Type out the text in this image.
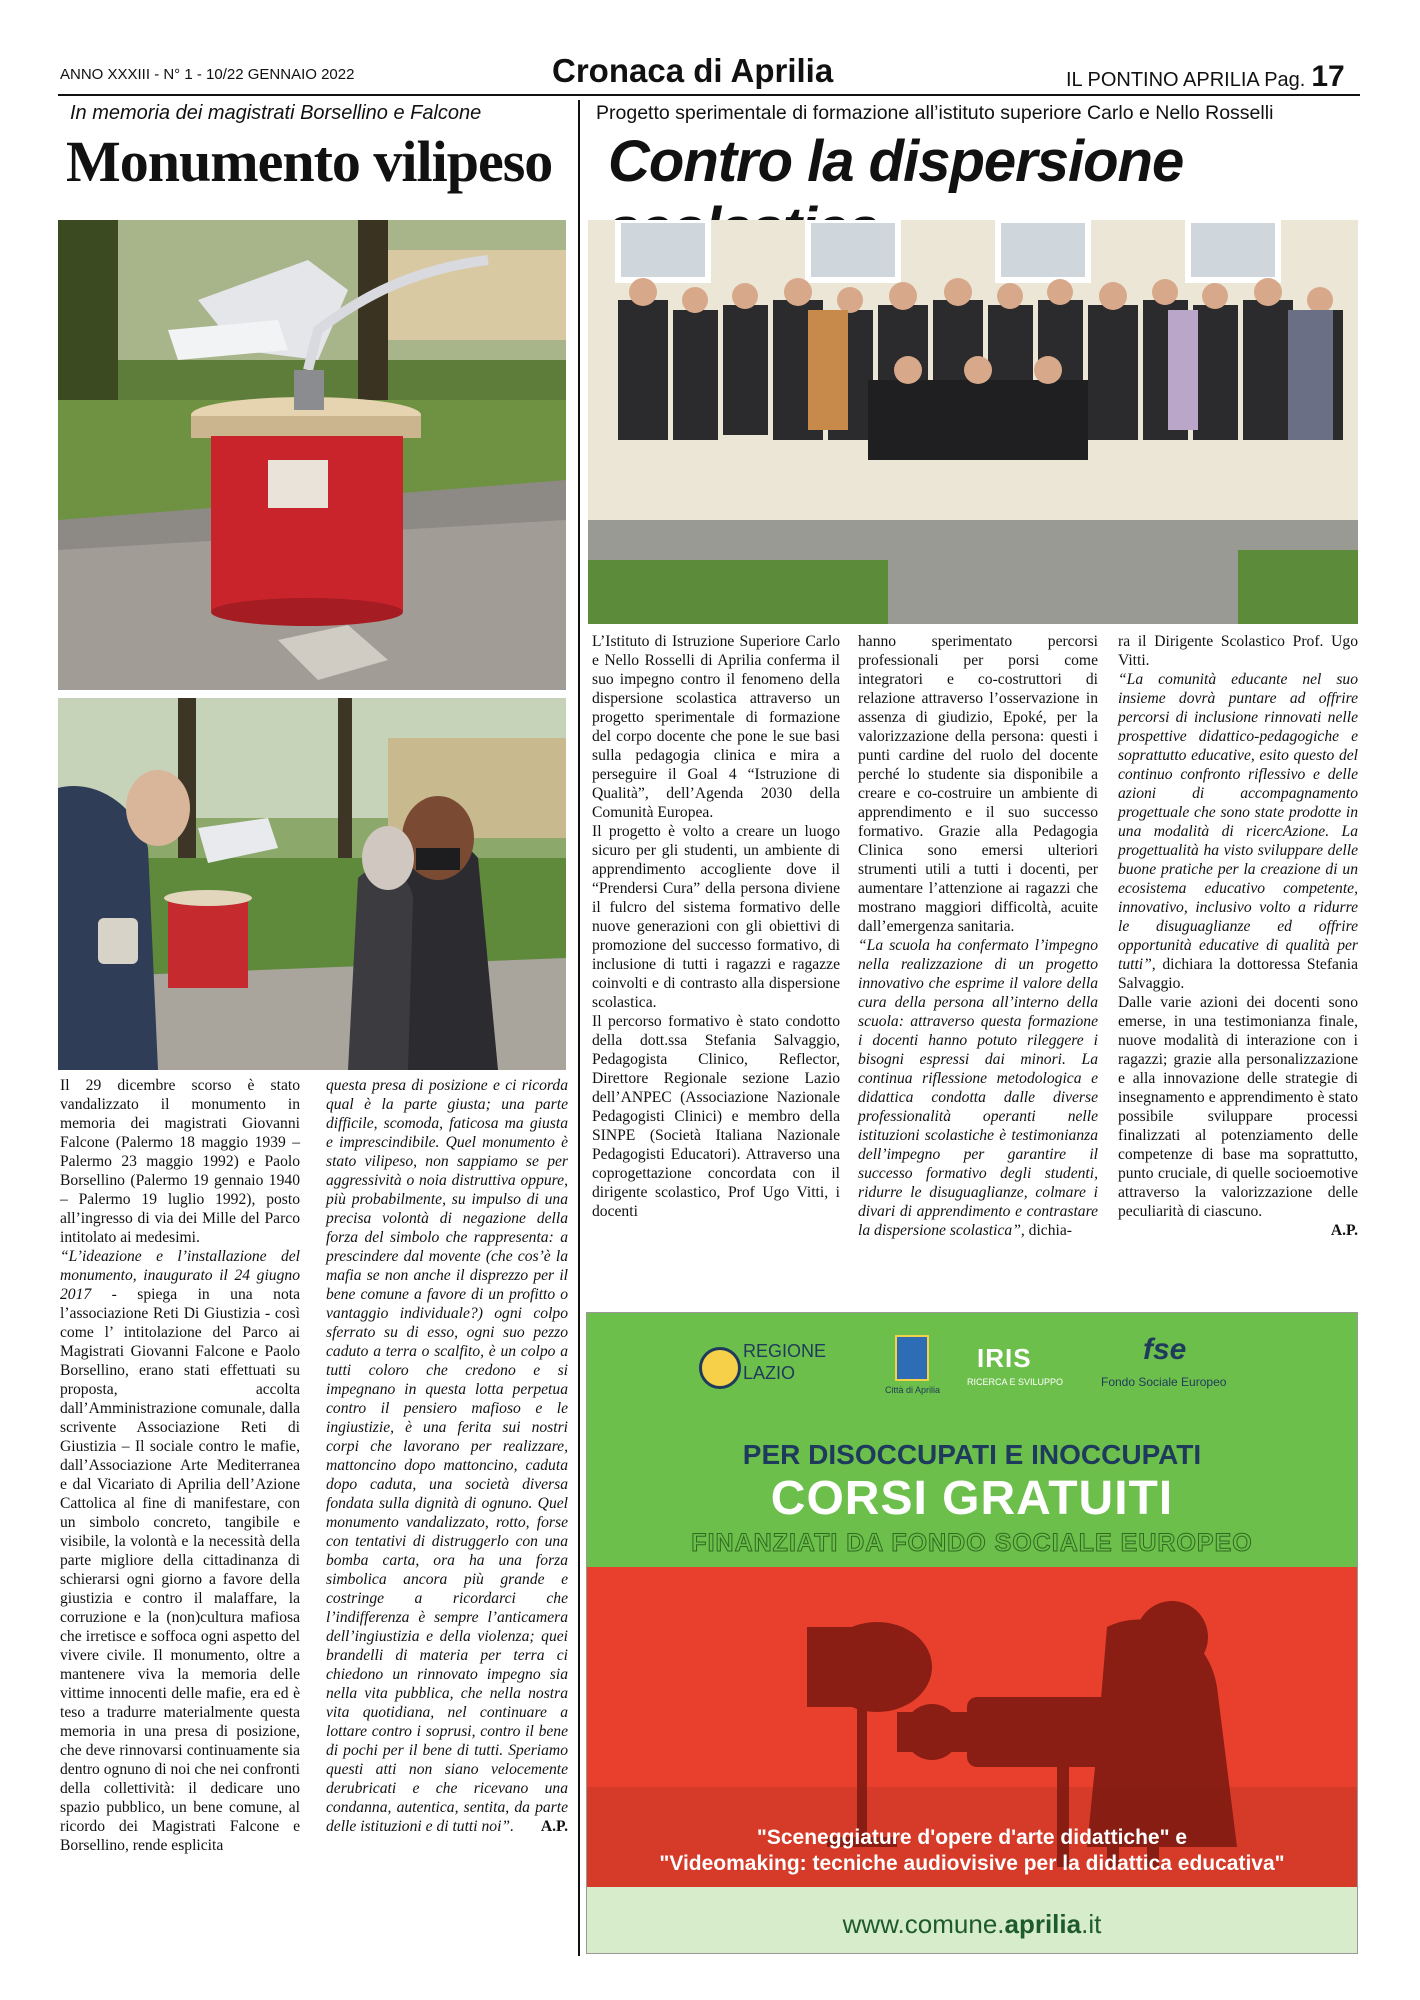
ANNO XXXIII - N° 1 - 10/22 GENNAIO 2022	Cronaca di Aprilia	IL PONTINO APRILIA Pag. 17
In memoria dei magistrati Borsellino e Falcone	Progetto sperimentale di formazione all’istituto superiore Carlo e Nello Rosselli
Monumento vilipeso Contro la dispersione

Il 29 dicembre scorso è stato vandalizzato il monumento in memoria dei magistrati Giovanni Falcone (Palermo 18 maggio 1939 – Palermo 23 maggio 1992) e Paolo Borsellino (Palermo 19 gennaio 1940 – Palermo 19 luglio 1992), posto all’ingresso di via dei Mille del Parco intitolato ai medesimi.

“L’ideazione e l’installazione del monumento, inaugurato il 24 giugno 2017 - spiega in una nota l’associazione Reti Di Giustizia - così come l’ intitolazione del Parco ai Magistrati Giovanni Falcone e Paolo Borsellino, erano stati effettuati su proposta, accolta dall’Amministrazione comunale, dalla scrivente Associazione Reti di Giustizia – Il sociale contro le mafie, dall’Associazione Arte Mediterranea e dal Vicariato di Aprilia dell’Azione Cattolica al fine di manifestare, con un simbolo concreto, tangibile e visibile, la volontà e la necessità della parte migliore della cittadinanza di schierarsi ogni giorno a favore della giustizia e contro il malaffare, la corruzione e la (non)cultura mafiosa che irretisce e soffoca ogni aspetto del vivere civile. Il monumento, oltre a mantenere viva la memoria delle vittime innocenti delle mafie, era ed è teso a tradurre materialmente questa memoria in una presa di posizione, che deve rinnovarsi continuamente sia dentro ognuno di noi che nei confronti della collettività: il dedicare uno spazio pubblico, un bene comune, al ricordo dei Magistrati Falcone e Borsellino, rende esplicita

questa presa di posizione e ci ricorda qual è la parte giusta; una parte difficile, scomoda, faticosa ma giusta e imprescindibile. Quel monumento è stato vilipeso, non sappiamo se per aggressività o noia distruttiva oppure, più probabilmente, su impulso di una precisa volontà di negazione della forza del simbolo che rappresenta: a prescindere dal movente (che cos’è la mafia se non anche il disprezzo per il bene comune a favore di un profitto o vantaggio individuale?) ogni colpo sferrato su di esso, ogni suo pezzo caduto a terra o scalfito, è un colpo a tutti coloro che credono e si impegnano in questa lotta perpetua contro il pensiero mafioso e le ingiustizie, è una ferita sui nostri corpi che lavorano per realizzare, mattoncino dopo mattoncino, caduta dopo caduta, una società diversa fondata sulla dignità di ognuno. Quel monumento vandalizzato, rotto, forse con tentativi di distruggerlo con una bomba carta, ora ha una forza simbolica ancora più grande e costringe a ricordarci che l’indifferenza è sempre l’anticamera dell’ingiustizia e della violenza; quei brandelli di materia per terra ci chiedono un rinnovato impegno sia nella vita pubblica, che nella nostra vita quotidiana, nel continuare a lottare contro i soprusi, contro il bene di pochi per il bene di tutti. Speriamo questi atti non siano velocemente derubricati e che ricevano una condanna, autentica, sentita, da parte delle istituzioni e di tutti noi”.	A.P.

L’Istituto di Istruzione Superiore Carlo e Nello Rosselli di Aprilia conferma il suo impegno contro il fenomeno della dispersione scolastica attraverso un progetto sperimentale di formazione del corpo docente che pone le sue basi sulla pedagogia clinica e mira a perseguire il Goal 4 “Istruzione di Qualità”, dell’Agenda 2030 della Comunità Europea.

Il progetto è volto a creare un luogo sicuro per gli studenti, un ambiente di apprendimento accogliente dove il “Prendersi Cura” della persona diviene il fulcro del sistema formativo delle nuove generazioni con gli obiettivi di promozione del successo formativo, di inclusione di tutti i ragazzi e ragazze coinvolti e di contrasto alla dispersione scolastica.

Il percorso formativo è stato condotto della dott.ssa Stefania Salvaggio, Pedagogista Clinico, Reflector, Direttore Regionale sezione Lazio dell’ANPEC (Associazione Nazionale Pedagogisti Clinici) e membro della SINPE (Società Italiana Nazionale Pedagogisti Educatori). Attraverso una coprogettazione concordata con il dirigente scolastico, Prof Ugo Vitti, i docenti

hanno sperimentato percorsi professionali per porsi come integratori e co-costruttori di relazione attraverso l’osservazione in assenza di giudizio, Epoké, per la valorizzazione della persona: questi i punti cardine del ruolo del docente perché lo studente sia disponibile a creare e co-costruire un ambiente di apprendimento e il suo successo formativo. Grazie alla Pedagogia Clinica sono emersi ulteriori strumenti utili a tutti i docenti, per aumentare l’attenzione ai ragazzi che mostrano maggiori difficoltà, acuite dall’emergenza sanitaria.

“La scuola ha confermato l’impegno nella realizzazione di un progetto innovativo che esprime il valore della cura della persona all’interno della scuola: attraverso questa formazione i docenti hanno potuto rileggere i bisogni espressi dai minori. La continua riflessione metodologica e didattica condotta dalle diverse professionalità operanti nelle istituzioni scolastiche è testimonianza dell’impegno per garantire il successo formativo degli studenti, ridurre le disuguaglianze, colmare i divari di apprendimento e contrastare la dispersione scolastica”, dichia-

ra il Dirigente Scolastico Prof. Ugo Vitti.

“La comunità educante nel suo insieme dovrà puntare ad offrire percorsi di inclusione rinnovati nelle prospettive didattico-pedagogiche e soprattutto educative, esito questo del continuo confronto riflessivo e delle azioni di accompagnamento progettuale che sono state prodotte in una modalità di ricercAzione. La progettualità ha visto sviluppare delle buone pratiche per la creazione di un ecosistema educativo competente, innovativo, inclusivo volto a ridurre le disuguaglianze ed offrire opportunità educative di qualità per tutti”, dichiara la dottoressa Stefania Salvaggio.

Dalle varie azioni dei docenti sono emerse, in una testimonianza finale, nuove modalità di interazione con i ragazzi; grazie alla personalizzazione e alla innovazione delle strategie di insegnamento e apprendimento è stato possibile sviluppare processi finalizzati al potenziamento delle competenze di base ma soprattutto, punto cruciale, di quelle socioemotive attraverso la valorizzazione delle peculiarità di ciascuno.

A.P.
"Sceneggiature d'opere d'arte didattiche" e
"Videomaking: tecniche audiovisive per la didattica educativa"
REGIONE
LAZIO
Città di Aprilia
IRIS
RICERCA E SVILUPPO
fse
Fondo Sociale Europeo
PER DISOCCUPATI E INOCCUPATI
CORSI GRATUITI
FINANZIATI DA FONDO SOCIALE EUROPEO
www.comune.aprilia.it
